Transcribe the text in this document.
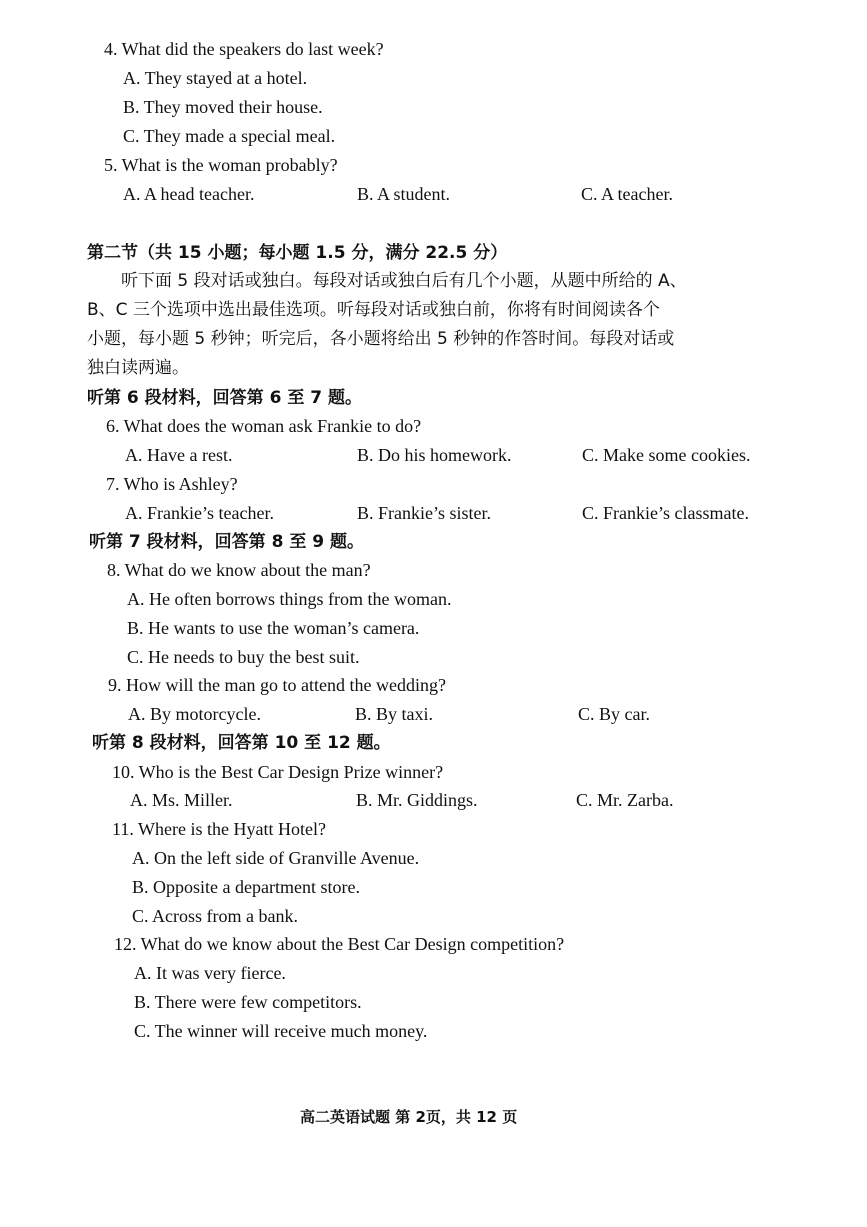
4. What did the speakers do last week?
A. They stayed at a hotel.
B. They moved their house.
C. They made a special meal.
5. What is the woman probably?
A. A head teacher.	B. A student.	C. A teacher.
第二节（共 15 小题；每小题 1.5 分，满分 22.5 分）
听下面 5 段对话或独白。每段对话或独白后有几个小题，从题中所给的 A、
B、C 三个选项中选出最佳选项。听每段对话或独白前，你将有时间阅读各个
小题，每小题 5 秒钟；听完后，各小题将给出 5 秒钟的作答时间。每段对话或
独白读两遍。
听第 6 段材料，回答第 6 至 7 题。
6. What does the woman ask Frankie to do?
A. Have a rest.	B. Do his homework.	C. Make some cookies.
7. Who is Ashley?
A. Frankie’s teacher.	B. Frankie’s sister.	C. Frankie’s classmate.
听第 7 段材料，回答第 8 至 9 题。
8. What do we know about the man?
A. He often borrows things from the woman.
B. He wants to use the woman’s camera.
C. He needs to buy the best suit.
9. How will the man go to attend the wedding?
A. By motorcycle.	B. By taxi.	C. By car.
听第 8 段材料，回答第 10 至 12 题。
10. Who is the Best Car Design Prize winner?
A. Ms. Miller.	B. Mr. Giddings.	C. Mr. Zarba.
11. Where is the Hyatt Hotel?
A. On the left side of Granville Avenue.
B. Opposite a department store.
C. Across from a bank.
12. What do we know about the Best Car Design competition?
A. It was very fierce.
B. There were few competitors.
C. The winner will receive much money.
高二英语试题 第 2页，共 12 页
